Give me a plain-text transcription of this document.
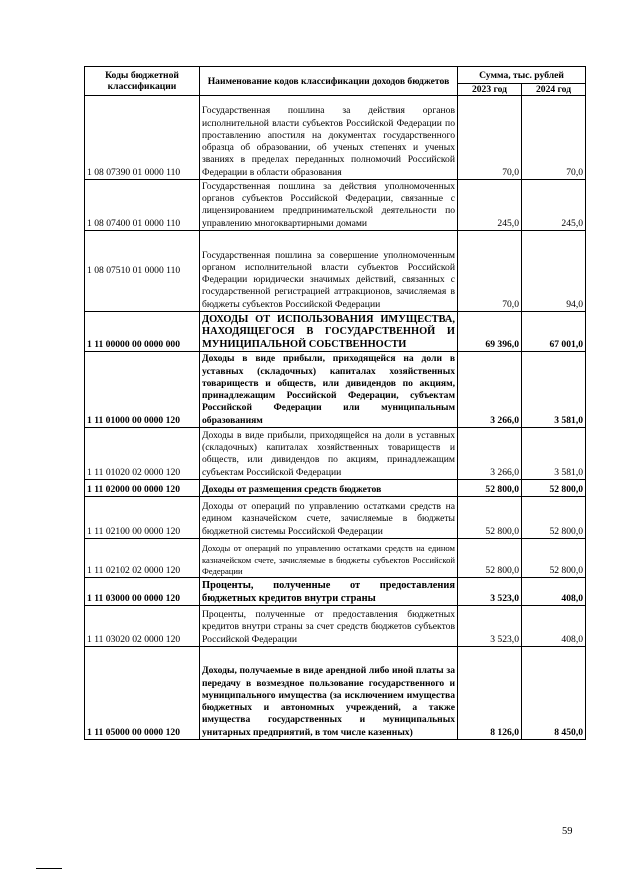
Коды бюджетной классификации	Наименование кодов классификации доходов бюджетов	Сумма, тыс. рублей	
		2023 год	2024 год
1 08 07390 01 0000 110	Государственная пошлина за действия органов исполнительной власти субъектов Российской Федерации по проставлению апостиля на документах государственного образца об образовании, об ученых степенях и ученых званиях в пределах переданных полномочий Российской Федерации в области образования	70,0	70,0
1 08 07400 01 0000 110	Государственная пошлина за действия уполномоченных органов субъектов Российской Федерации, связанные с лицензированием предпринимательской деятельности по управлению многоквартирными домами	245,0	245,0
1 08 07510 01 0000 110	Государственная пошлина за совершение уполномоченным органом исполнительной власти субъектов Российской Федерации юридически значимых действий, связанных с государственной регистрацией аттракционов, зачисляемая в бюджеты субъектов Российской Федерации	70,0	94,0
1 11 00000 00 0000 000	ДОХОДЫ ОТ ИСПОЛЬЗОВАНИЯ ИМУЩЕСТВА, НАХОДЯЩЕГОСЯ В ГОСУДАРСТВЕННОЙ И МУНИЦИПАЛЬНОЙ СОБСТВЕННОСТИ	69 396,0	67 001,0
1 11 01000 00 0000 120	Доходы в виде прибыли, приходящейся на доли в уставных (складочных) капиталах хозяйственных товариществ и обществ, или дивидендов по акциям, принадлежащим Российской Федерации, субъектам Российской Федерации или муниципальным образованиям	3 266,0	3 581,0
1 11 01020 02 0000 120	Доходы в виде прибыли, приходящейся на доли в уставных (складочных) капиталах хозяйственных товариществ и обществ, или дивидендов по акциям, принадлежащим субъектам Российской Федерации	3 266,0	3 581,0
1 11 02000 00 0000 120	Доходы от размещения средств бюджетов	52 800,0	52 800,0
1 11 02100 00 0000 120	Доходы от операций по управлению остатками средств на едином казначейском счете, зачисляемые в бюджеты бюджетной системы Российской Федерации	52 800,0	52 800,0
1 11 02102 02 0000 120	Доходы от операций по управлению остатками средств на едином казначейском счете, зачисляемые в бюджеты субъектов Российской Федерации	52 800,0	52 800,0
1 11 03000 00 0000 120	Проценты, полученные от предоставления бюджетных кредитов внутри страны	3 523,0	408,0
1 11 03020 02 0000 120	Проценты, полученные от предоставления бюджетных кредитов внутри страны за счет средств бюджетов субъектов Российской Федерации	3 523,0	408,0
1 11 05000 00 0000 120	Доходы, получаемые в виде арендной либо иной платы за передачу в возмездное пользование государственного и муниципального имущества (за исключением имущества бюджетных и автономных учреждений, а также имущества государственных и муниципальных унитарных предприятий, в том числе казенных)	8 126,0	8 450,0
59
